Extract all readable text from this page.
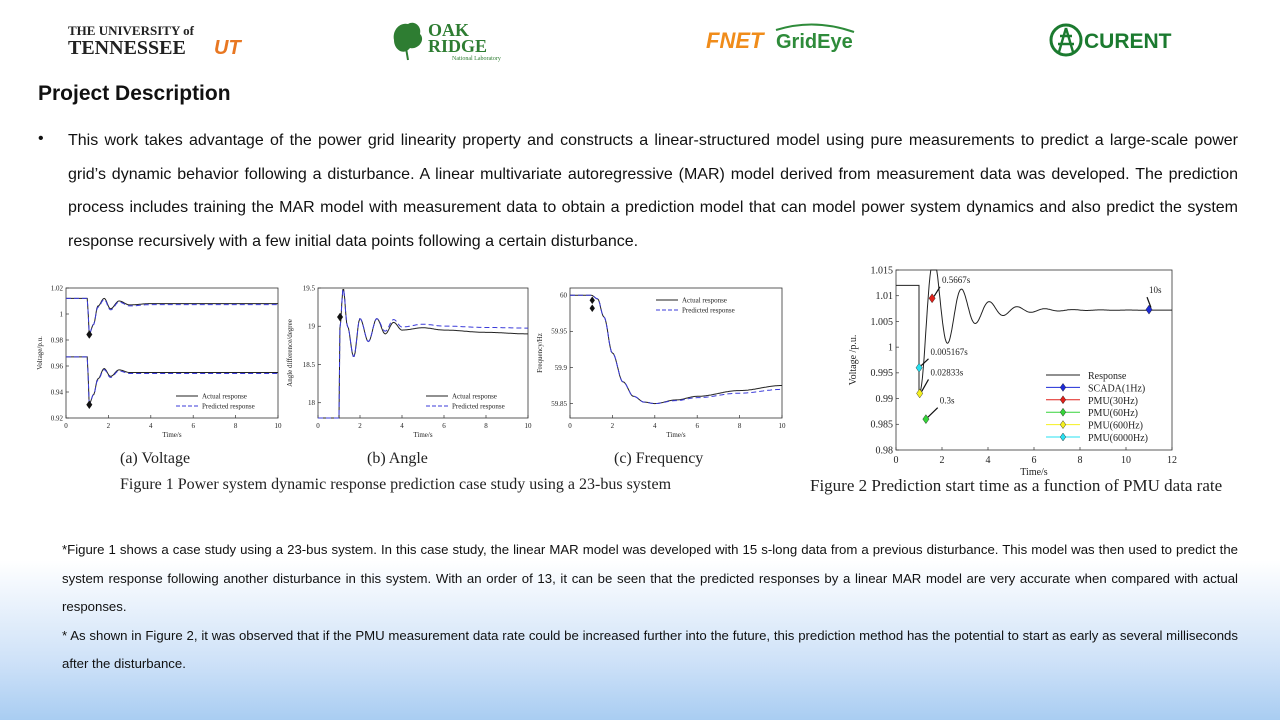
THE UNIVERSITY of
TENNESSEE UT
OAK
RIDGE
National Laboratory
FNET GridEye	CURENT
Project Description
• This work takes advantage of the power grid linearity property and constructs a linear-structured model using pure measurements to predict a large-scale power grid’s dynamic behavior following a disturbance. A linear multivariate autoregressive (MAR) model derived from measurement data was developed. The prediction process includes training the MAR model with measurement data to obtain a prediction model that can model power system dynamics and also predict the system response recursively with a few initial data points following a certain disturbance.
0	2	4	6	8	10
0.92
0.94
0.96
0.98
1
1.02
Time/s
Voltage/p.u.
Actual response
Predicted response
0	2	4	6	8	10
18
18.5
19
19.5
Time/s
Angle difference/degree
Actual response
Predicted response
0	2	4	6	8	10
59.85
59.9
59.95
60
Time/s
Frequency/Hz
Actual response
Predicted response
(a) Voltage	(b) Angle	(c) Frequency
Figure 1 Power system dynamic response prediction case study using a 23-bus system
0	2	4	6	8	10	12
0.98
0.985
0.99
0.995
1
1.005
1.01
1.015
Time/s
Voltage /p.u.
0.5667s
10s
0.005167s
0.02833s
0.3s
Response
SCADA(1Hz)
PMU(30Hz)
PMU(60Hz)
PMU(600Hz)
PMU(6000Hz)
Figure 2 Prediction start time as a function of PMU data rate

*Figure 1 shows a case study using a 23-bus system. In this case study, the linear MAR model was developed with 15 s-long data from a previous disturbance. This model was then used to predict the system response following another disturbance in this system. With an order of 13, it can be seen that the predicted responses by a linear MAR model are very accurate when compared with actual responses.

* As shown in Figure 2, it was observed that if the PMU measurement data rate could be increased further into the future, this prediction method has the potential to start as early as several milliseconds after the disturbance.
